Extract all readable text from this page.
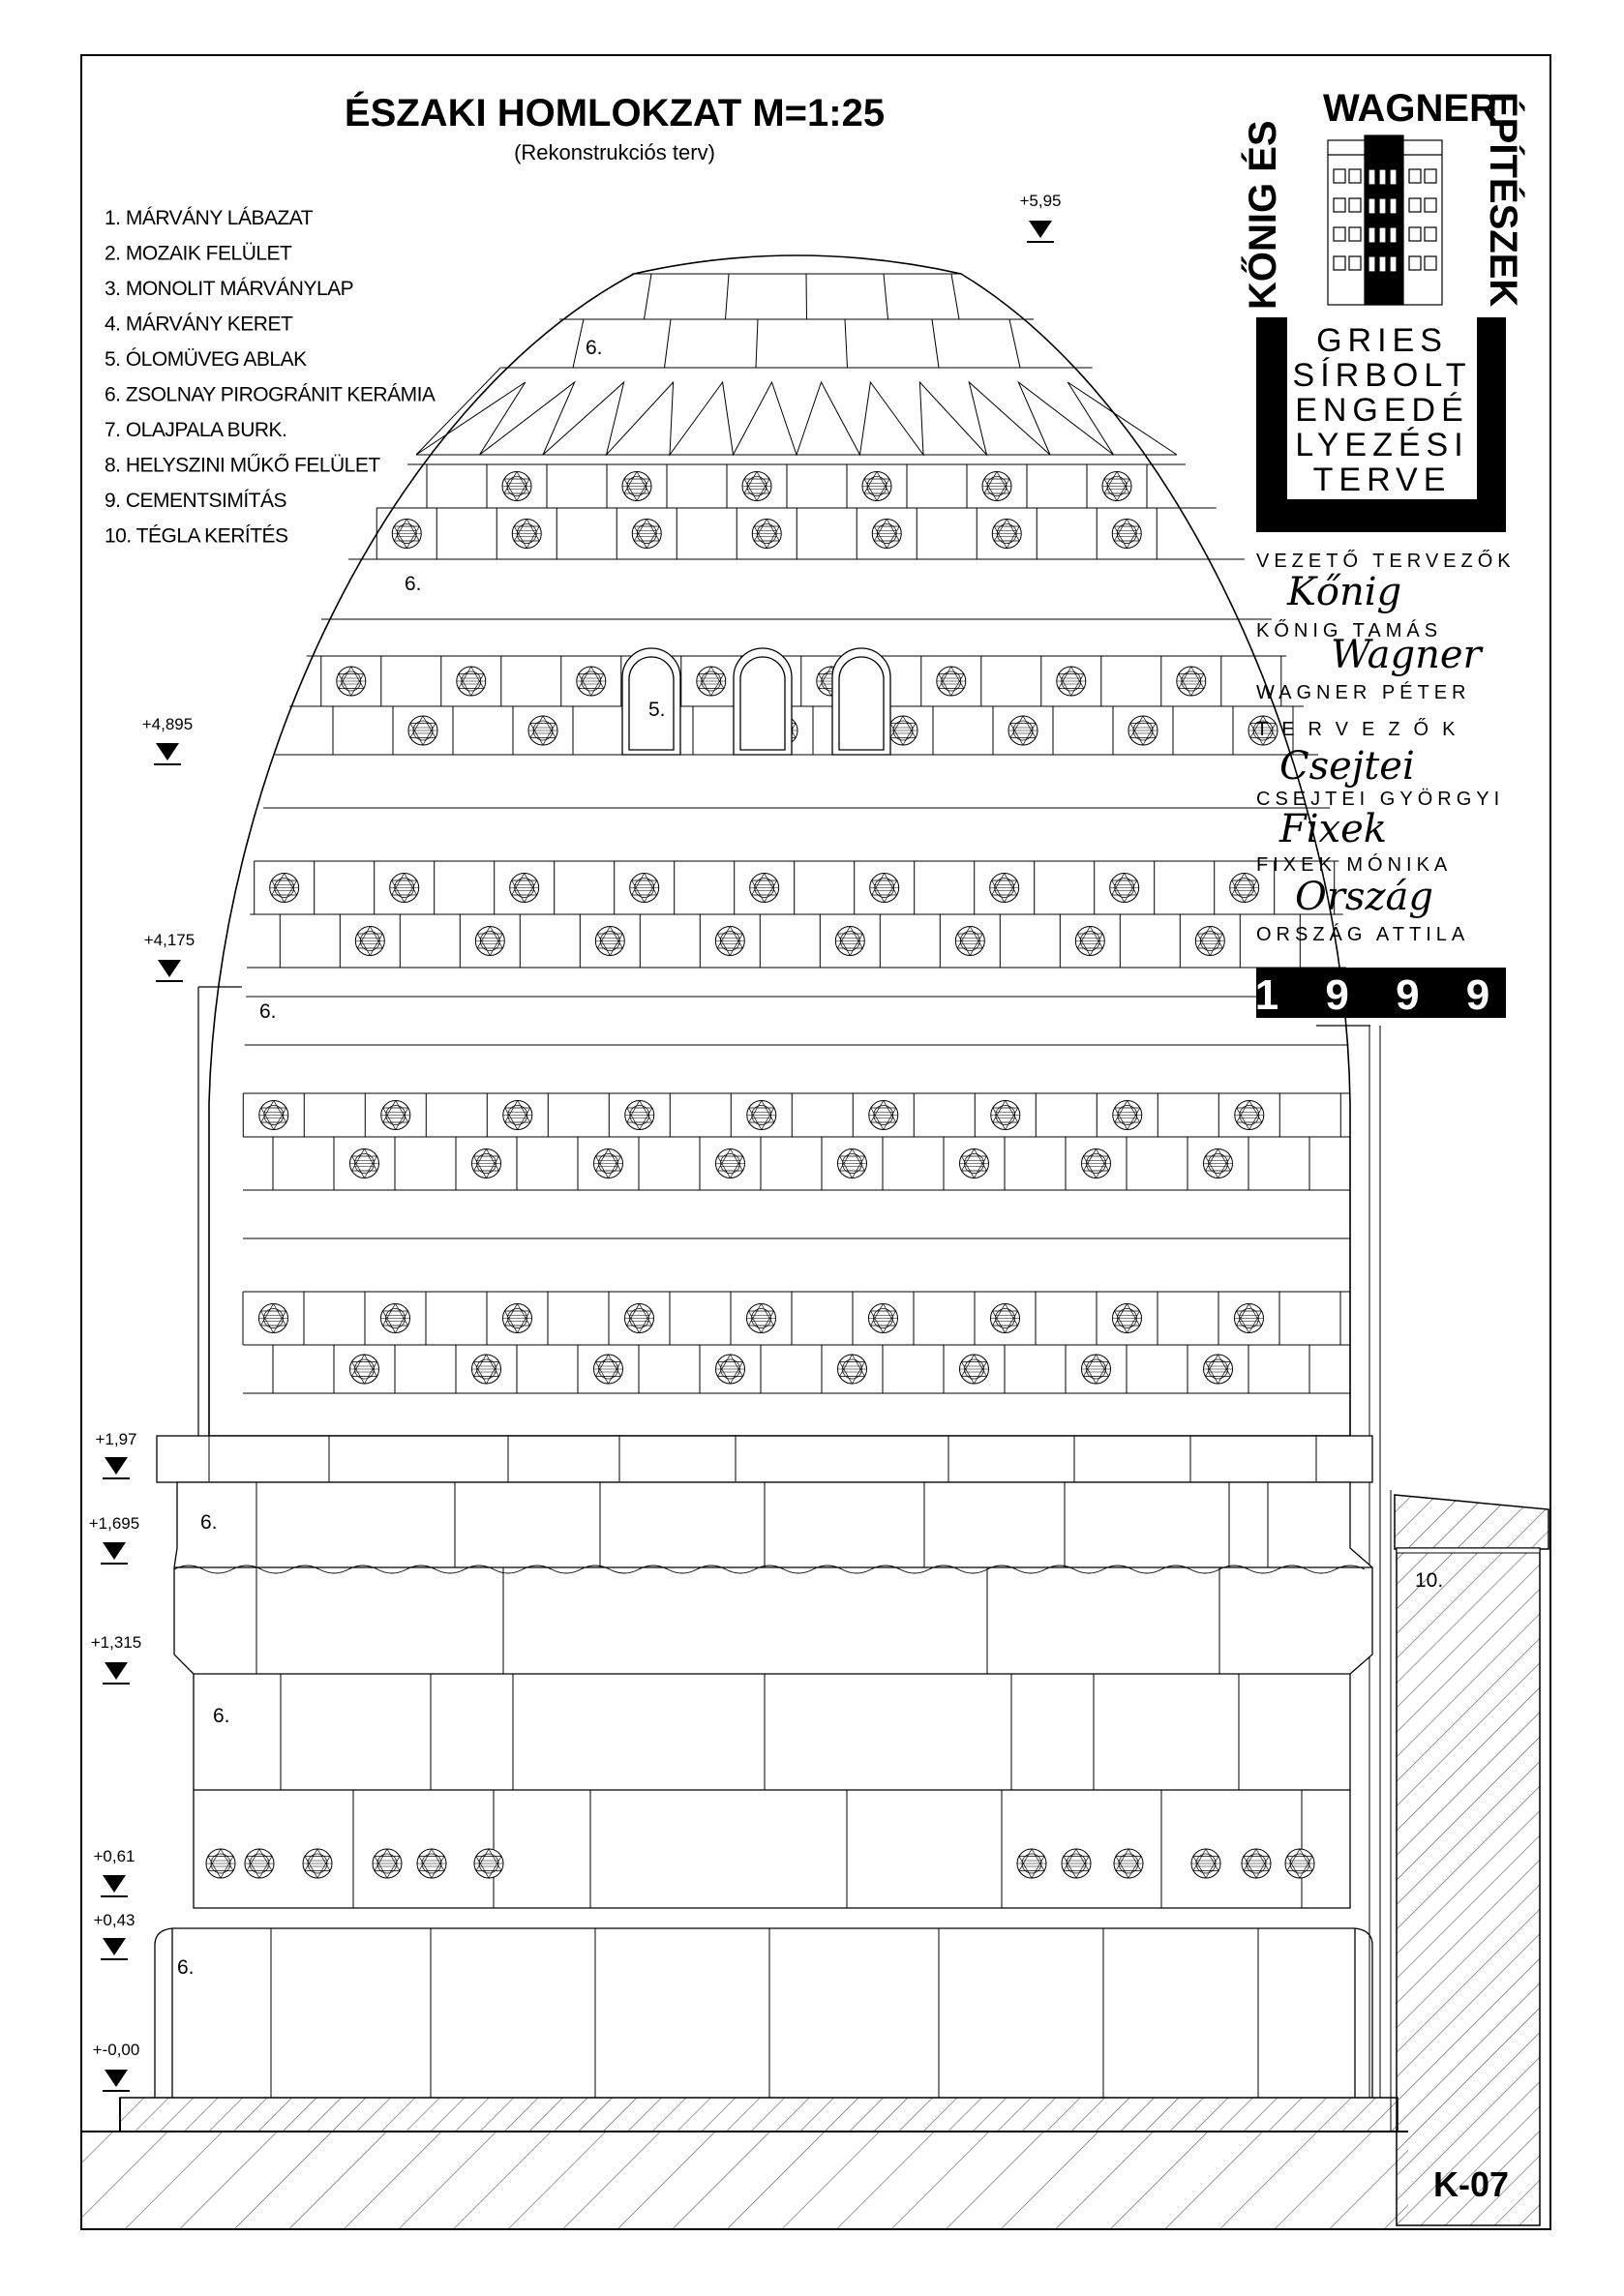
ÉSZAKI HOMLOKZAT M=1:25
(Rekonstrukciós terv)
1. MÁRVÁNY LÁBAZAT
2. MOZAIK FELÜLET
3. MONOLIT MÁRVÁNYLAP
4. MÁRVÁNY KERET
5. ÓLOMÜVEG ABLAK
6. ZSOLNAY PIROGRÁNIT KERÁMIA
7. OLAJPALA BURK.
8. HELYSZINI MŰKŐ FELÜLET
9. CEMENTSIMÍTÁS
10. TÉGLA KERÍTÉS
6.
6.
5.
6.
6.
6.
6.
10.
+5,95
+4,895
+4,175
+1,97
+1,695
+1,315
+0,61
+0,43
+-0,00
KŐNIG ÉS
WAGNER
ÉPÍTÉSZEK
GRIES
SÍRBOLT
ENGEDÉ
LYEZÉSI
TERVE
VEZETŐ TERVEZŐK
Kőnig
KŐNIG TAMÁS
Wagner
WAGNER PÉTER
TERVEZŐK
Csejtei
CSEJTEI GYÖRGYI
Fixek
FIXEK MÓNIKA
Ország
ORSZÁG ATTILA
1 9 9 9
K-07
